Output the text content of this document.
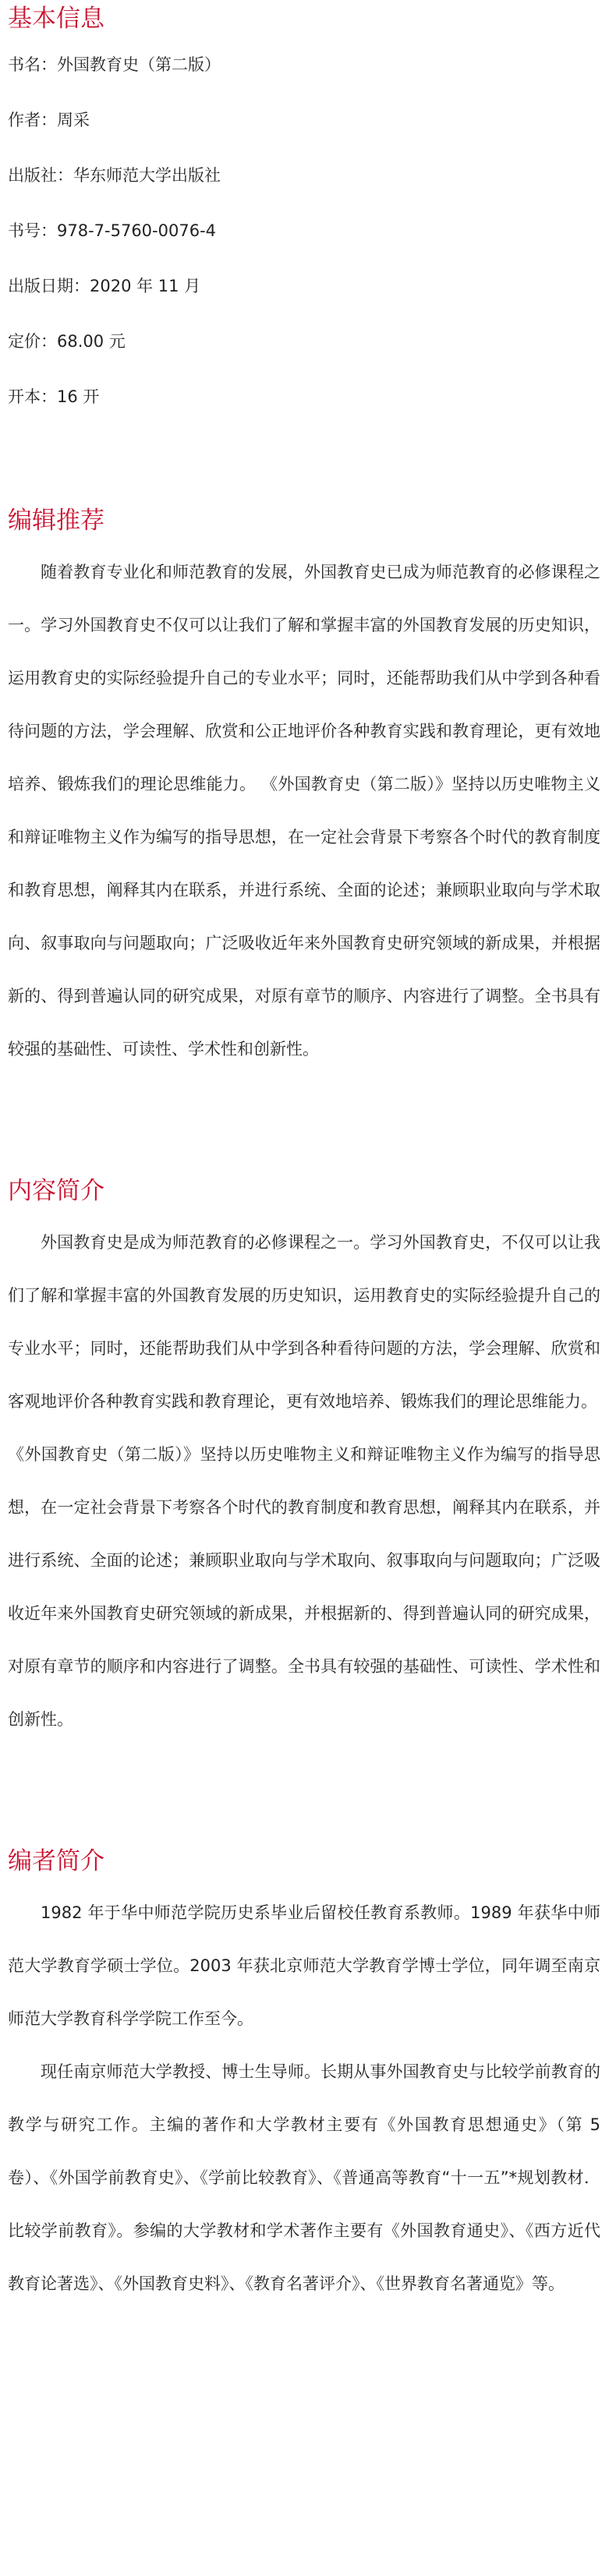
基本信息
书名：外国教育史（第二版）
作者：周采
出版社：华东师范大学出版社
书号：978-7-5760-0076-4
出版日期：2020 年 11 月
定价：68.00 元
开本：16 开
编辑推荐

随着教育专业化和师范教育的发展，外国教育史已成为师范教育的必修课程之一。学习外国教育史不仅可以让我们了解和掌握丰富的外国教育发展的历史知识，运用教育史的实际经验提升自己的专业水平；同时，还能帮助我们从中学到各种看待问题的方法，学会理解、欣赏和公正地评价各种教育实践和教育理论，更有效地培养、锻炼我们的理论思维能力。 《外国教育史（第二版）》坚持以历史唯物主义和辩证唯物主义作为编写的指导思想，在一定社会背景下考察各个时代的教育制度和教育思想，阐释其内在联系，并进行系统、全面的论述；兼顾职业取向与学术取向、叙事取向与问题取向；广泛吸收近年来外国教育史研究领域的新成果，并根据新的、得到普遍认同的研究成果，对原有章节的顺序、内容进行了调整。全书具有较强的基础性、可读性、学术性和创新性。

内容简介

外国教育史是成为师范教育的必修课程之一。学习外国教育史，不仅可以让我们了解和掌握丰富的外国教育发展的历史知识，运用教育史的实际经验提升自己的专业水平；同时，还能帮助我们从中学到各种看待问题的方法，学会理解、欣赏和客观地评价各种教育实践和教育理论，更有效地培养、锻炼我们的理论思维能力。

《外国教育史（第二版）》坚持以历史唯物主义和辩证唯物主义作为编写的指导思想，在一定社会背景下考察各个时代的教育制度和教育思想，阐释其内在联系，并进行系统、全面的论述；兼顾职业取向与学术取向、叙事取向与问题取向；广泛吸收近年来外国教育史研究领域的新成果，并根据新的、得到普遍认同的研究成果，对原有章节的顺序和内容进行了调整。全书具有较强的基础性、可读性、学术性和创新性。

编者简介

1982 年于华中师范学院历史系毕业后留校任教育系教师。1989 年获华中师范大学教育学硕士学位。2003 年获北京师范大学教育学博士学位，同年调至南京师范大学教育科学学院工作至今。

现任南京师范大学教授、博士生导师。长期从事外国教育史与比较学前教育的教学与研究工作。主编的著作和大学教材主要有《外国教育思想通史》（第 5 卷）、《外国学前教育史》、《学前比较教育》、《普通高等教育“十一五”*规划教材．比较学前教育》。参编的大学教材和学术著作主要有《外国教育通史》、《西方近代教育论著选》、《外国教育史料》、《教育名著评介》、《世界教育名著通览》等。
